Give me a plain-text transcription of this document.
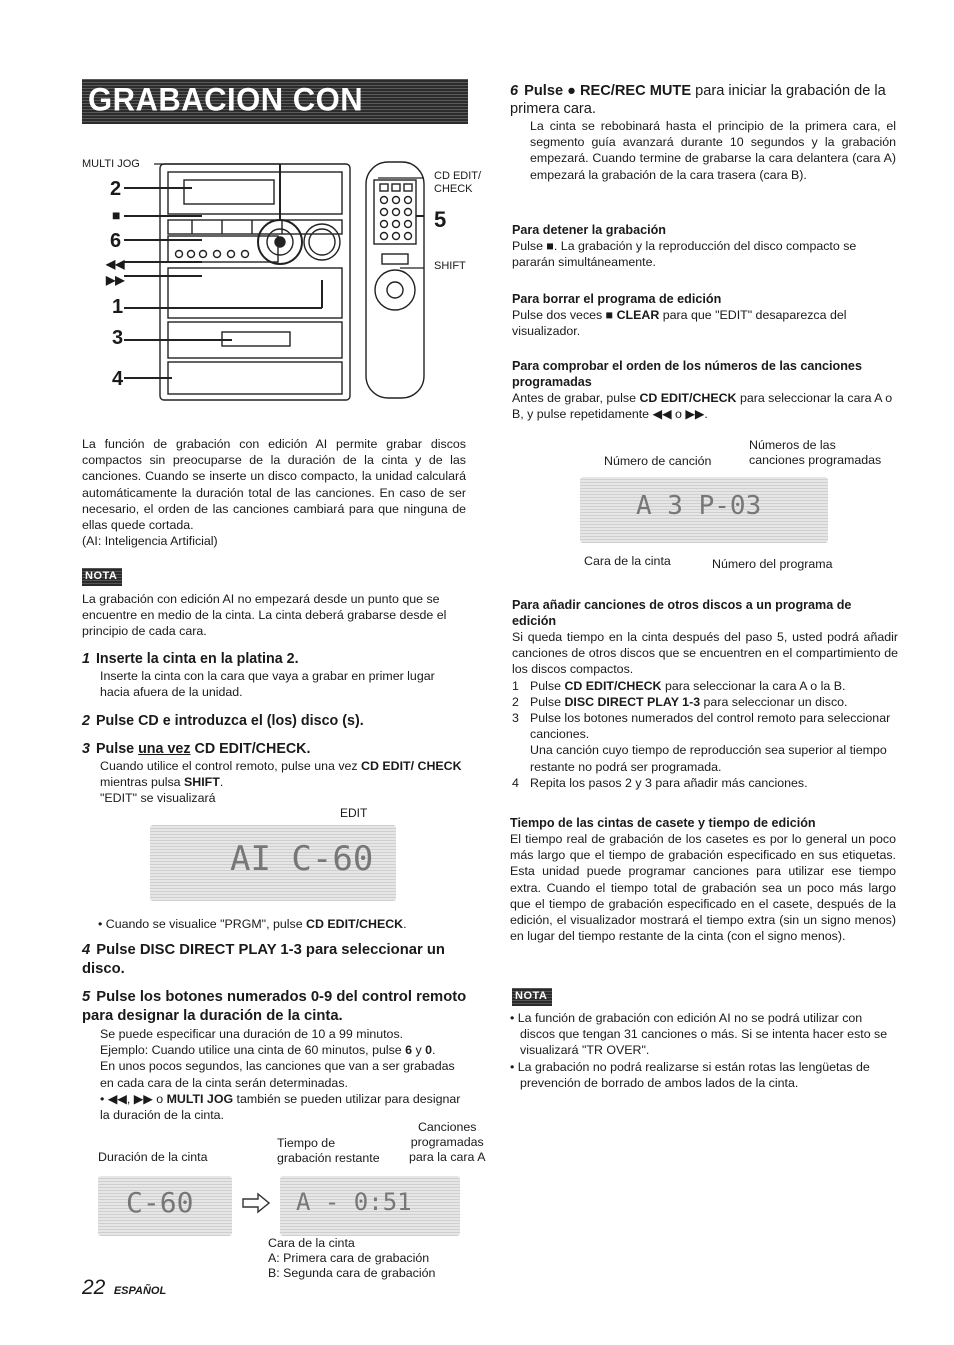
GRABACION CON EDICION AI
MULTI JOG
CD EDIT/
CHECK
SHIFT
2
■
6
◀◀
▶▶
1
3
4
5

La función de grabación con edición AI permite grabar discos compactos sin preocuparse de la duración de la cinta y de las canciones. Cuando se inserte un disco compacto, la unidad calculará automáticamente la duración total de las canciones. En caso de ser necesario, el orden de las canciones cambiará para que ninguna de ellas quede cortada.

(AI: Inteligencia Artificial)

NOTA

La grabación con edición AI no empezará desde un punto que se encuentre en medio de la cinta. La cinta deberá grabarse desde el principio de cada cara.

1 Inserte la cinta en la platina 2.

Inserte la cinta con la cara que vaya a grabar en primer lugar hacia afuera de la unidad.

2 Pulse CD e introduzca el (los) disco (s).

3 Pulse una vez CD EDIT/CHECK.

Cuando utilice el control remoto, pulse una vez CD EDIT/ CHECK mientras pulsa SHIFT.

"EDIT" se visualizará

EDIT
AI C-60
• Cuando se visualice "PRGM", pulse CD EDIT/CHECK.

4 Pulse DISC DIRECT PLAY 1-3 para seleccionar un disco.

5 Pulse los botones numerados 0-9 del control remoto para designar la duración de la cinta.

Se puede especificar una duración de 10 a 99 minutos.

Ejemplo: Cuando utilice una cinta de 60 minutos, pulse 6 y 0.

En unos pocos segundos, las canciones que van a ser grabadas en cada cara de la cinta serán determinadas.

• ◀◀, ▶▶ o MULTI JOG también se pueden utilizar para designar la duración de la cinta.

Duración de la cinta
Tiempo de
grabación restante
Canciones
programadas
para la cara A
C-60	A - 0:51
Cara de la cinta
A: Primera cara de grabación
B: Segunda cara de grabación
22 ESPAÑOL

6 Pulse ● REC/REC MUTE para iniciar la grabación de la primera cara.

La cinta se rebobinará hasta el principio de la primera cara, el segmento guía avanzará durante 10 segundos y la grabación empezará. Cuando termine de grabarse la cara delantera (cara A) empezará la grabación de la cara trasera (cara B).

Para detener la grabación

Pulse ■. La grabación y la reproducción del disco compacto se pararán simultáneamente.

Para borrar el programa de edición

Pulse dos veces ■ CLEAR para que "EDIT" desaparezca del visualizador.

Para comprobar el orden de los números de las canciones programadas

Antes de grabar, pulse CD EDIT/CHECK para seleccionar la cara A o B, y pulse repetidamente ◀◀ o ▶▶.

Número de canción
Números de las
canciones programadas
A 3 P-03
Cara de la cinta	Número del programa

Para añadir canciones de otros discos a un programa de edición

Si queda tiempo en la cinta después del paso 5, usted podrá añadir canciones de otros discos que se encuentren en el compartimiento de los discos compactos.

1 Pulse CD EDIT/CHECK para seleccionar la cara A o la B.
2 Pulse DISC DIRECT PLAY 1-3 para seleccionar un disco.
3 Pulse los botones numerados del control remoto para seleccionar canciones.
Una canción cuyo tiempo de reproducción sea superior al tiempo restante no podrá ser programada.
4 Repita los pasos 2 y 3 para añadir más canciones.

Tiempo de las cintas de casete y tiempo de edición

El tiempo real de grabación de los casetes es por lo general un poco más largo que el tiempo de grabación especificado en sus etiquetas. Esta unidad puede programar canciones para utilizar ese tiempo extra. Cuando el tiempo total de grabación sea un poco más largo que el tiempo de grabación especificado en el casete, después de la edición, el visualizador mostrará el tiempo extra (sin un signo menos) en lugar del tiempo restante de la cinta (con el signo menos).

NOTA

• La función de grabación con edición AI no se podrá utilizar con discos que tengan 31 canciones o más. Si se intenta hacer esto se visualizará "TR OVER".

• La grabación no podrá realizarse si están rotas las lengüetas de prevención de borrado de ambos lados de la cinta.
